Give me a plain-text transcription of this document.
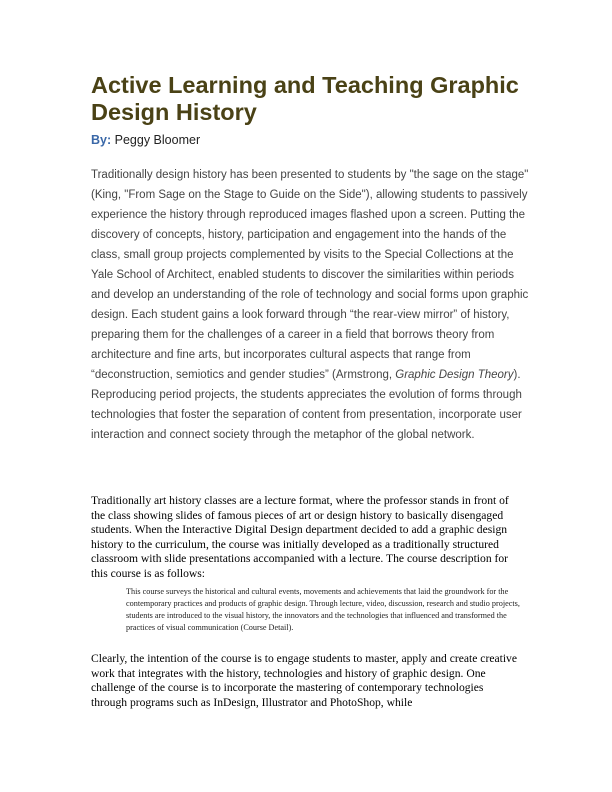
Active Learning and Teaching Graphic Design History
By: Peggy Bloomer

Traditionally design history has been presented to students by "the sage on the stage" (King, "From Sage on the Stage to Guide on the Side"), allowing students to passively experience the history through reproduced images flashed upon a screen. Putting the discovery of concepts, history, participation and engagement into the hands of the class, small group projects complemented by visits to the Special Collections at the Yale School of Architect, enabled students to discover the similarities within periods and develop an understanding of the role of technology and social forms upon graphic design. Each student gains a look forward through “the rear-view mirror” of history, preparing them for the challenges of a career in a field that borrows theory from architecture and fine arts, but incorporates cultural aspects that range from “deconstruction, semiotics and gender studies” (Armstrong, Graphic Design Theory). Reproducing period projects, the students appreciates the evolution of forms through technologies that foster the separation of content from presentation, incorporate user interaction and connect society through the metaphor of the global network.

Traditionally art history classes are a lecture format, where the professor stands in front of the class showing slides of famous pieces of art or design history to basically disengaged students. When the Interactive Digital Design department decided to add a graphic design history to the curriculum, the course was initially developed as a traditionally structured classroom with slide presentations accompanied with a lecture. The course description for this course is as follows:

This course surveys the historical and cultural events, movements and achievements that laid the groundwork for the contemporary practices and products of graphic design. Through lecture, video, discussion, research and studio projects, students are introduced to the visual history, the innovators and the technologies that influenced and transformed the practices of visual communication (Course Detail).

Clearly, the intention of the course is to engage students to master, apply and create creative work that integrates with the history, technologies and history of graphic design. One challenge of the course is to incorporate the mastering of contemporary technologies through programs such as InDesign, Illustrator and PhotoShop, while
